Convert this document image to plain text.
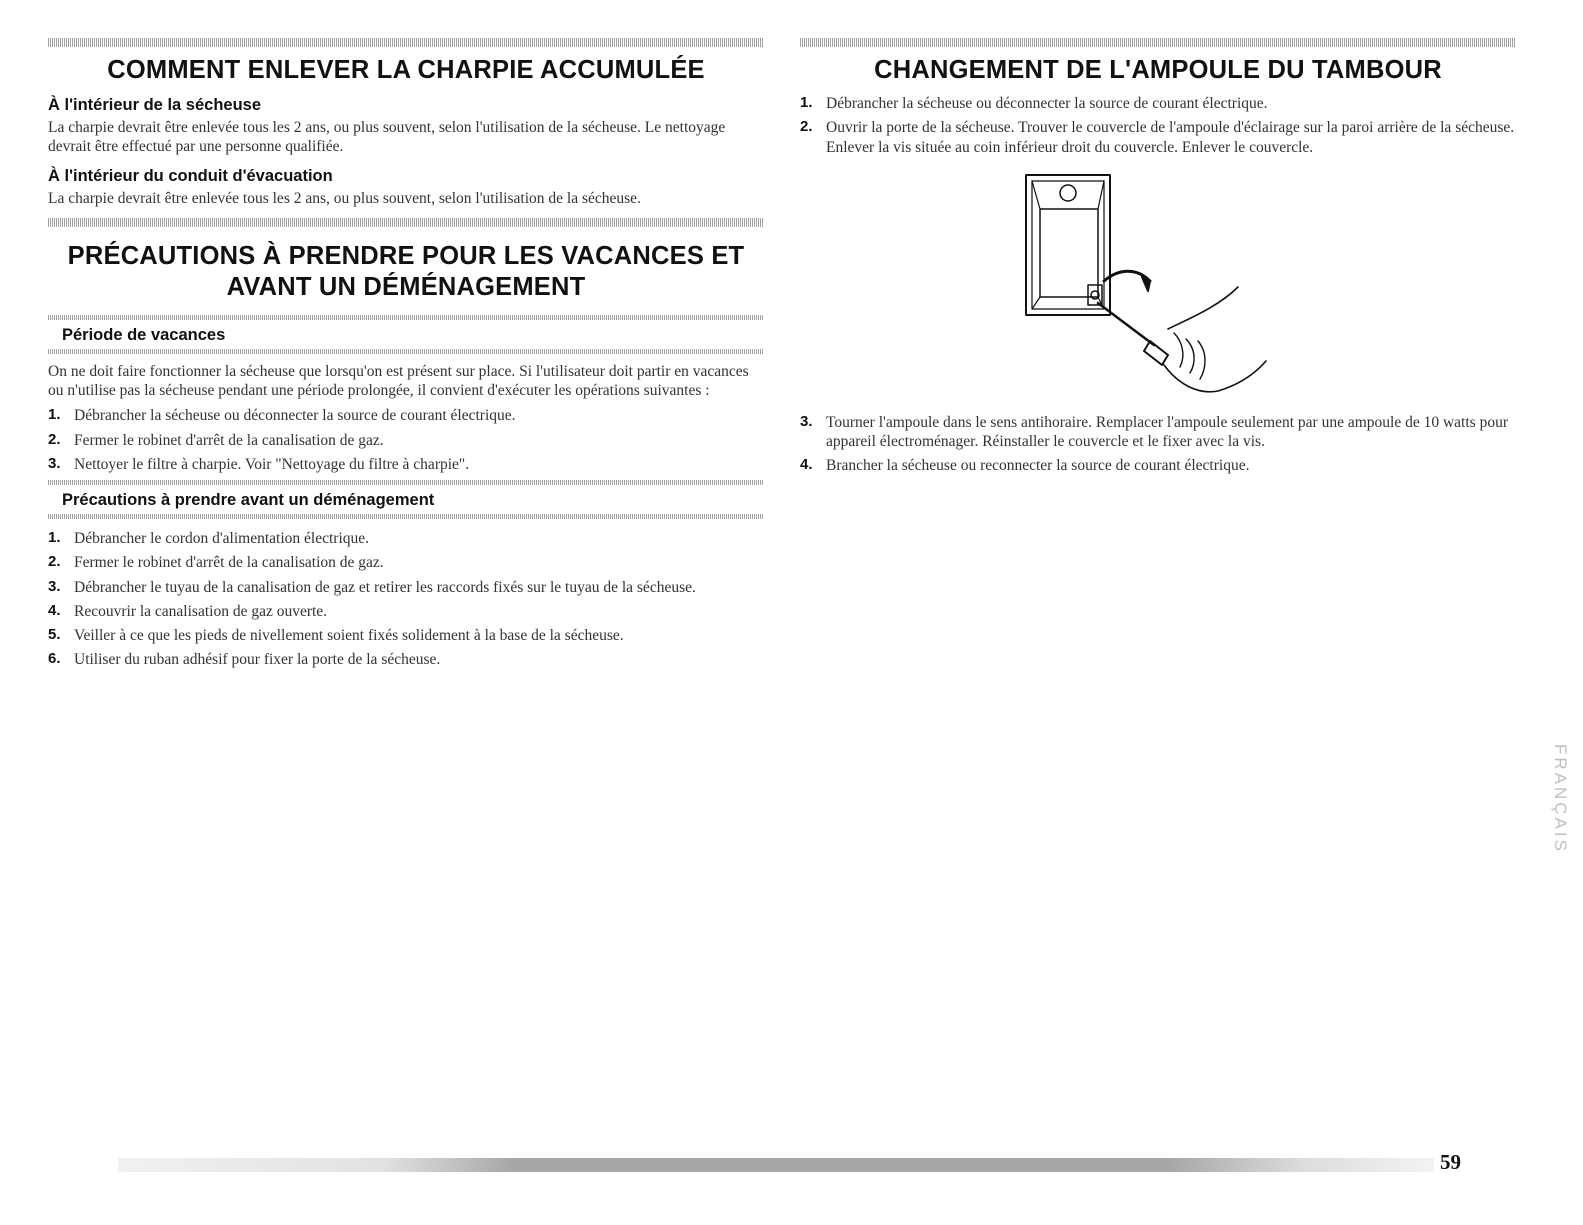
COMMENT ENLEVER LA CHARPIE ACCUMULÉE
À l'intérieur de la sécheuse

La charpie devrait être enlevée tous les 2 ans, ou plus souvent, selon l'utilisation de la sécheuse. Le nettoyage devrait être effectué par une personne qualifiée.

À l'intérieur du conduit d'évacuation

La charpie devrait être enlevée tous les 2 ans, ou plus souvent, selon l'utilisation de la sécheuse.

PRÉCAUTIONS À PRENDRE POUR LES VACANCES ET
AVANT UN DÉMÉNAGEMENT
Période de vacances

On ne doit faire fonctionner la sécheuse que lorsqu'on est présent sur place. Si l'utilisateur doit partir en vacances ou n'utilise pas la sécheuse pendant une période prolongée, il convient d'exécuter les opérations suivantes :

1. Débrancher la sécheuse ou déconnecter la source de courant électrique.
2. Fermer le robinet d'arrêt de la canalisation de gaz.
3. Nettoyer le filtre à charpie. Voir "Nettoyage du filtre à charpie".
Précautions à prendre avant un déménagement
1. Débrancher le cordon d'alimentation électrique.
2. Fermer le robinet d'arrêt de la canalisation de gaz.
3. Débrancher le tuyau de la canalisation de gaz et retirer les raccords fixés sur le tuyau de la sécheuse.
4. Recouvrir la canalisation de gaz ouverte.
5. Veiller à ce que les pieds de nivellement soient fixés solidement à la base de la sécheuse.
6. Utiliser du ruban adhésif pour fixer la porte de la sécheuse.
CHANGEMENT DE L'AMPOULE DU TAMBOUR
1. Débrancher la sécheuse ou déconnecter la source de courant électrique.
2. Ouvrir la porte de la sécheuse. Trouver le couvercle de l'ampoule d'éclairage sur la paroi arrière de la sécheuse. Enlever la vis située au coin inférieur droit du couvercle. Enlever le couvercle.
3. Tourner l'ampoule dans le sens antihoraire. Remplacer l'ampoule seulement par une ampoule de 10 watts pour appareil électroménager. Réinstaller le couvercle et le fixer avec la vis.
4. Brancher la sécheuse ou reconnecter la source de courant électrique.
FRANÇAIS
59
